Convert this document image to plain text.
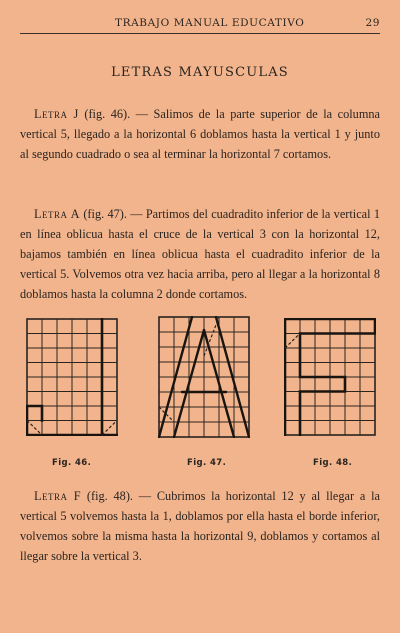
TRABAJO MANUAL EDUCATIVO	29
LETRAS MAYUSCULAS

Letra J (fig. 46). — Salimos de la parte superior de la columna vertical 5, llegado a la horizontal 6 doblamos hasta la vertical 1 y junto al segundo cuadrado o sea al terminar la horizontal 7 cortamos.

Letra A (fig. 47). — Partimos del cuadradito inferior de la vertical 1 en línea oblicua hasta el cruce de la vertical 3 con la horizontal 12, bajamos también en línea oblicua hasta el cuadradito inferior de la vertical 5. Volvemos otra vez hacia arriba, pero al llegar a la horizontal 8 doblamos hasta la columna 2 donde cortamos.

Fig. 46.	Fig. 47.	Fig. 48.

Letra F (fig. 48). — Cubrimos la horizontal 12 y al llegar a la vertical 5 volvemos hasta la 1, doblamos por ella hasta el borde inferior, volvemos sobre la misma hasta la horizontal 9, doblamos y cortamos al llegar sobre la vertical 3.
